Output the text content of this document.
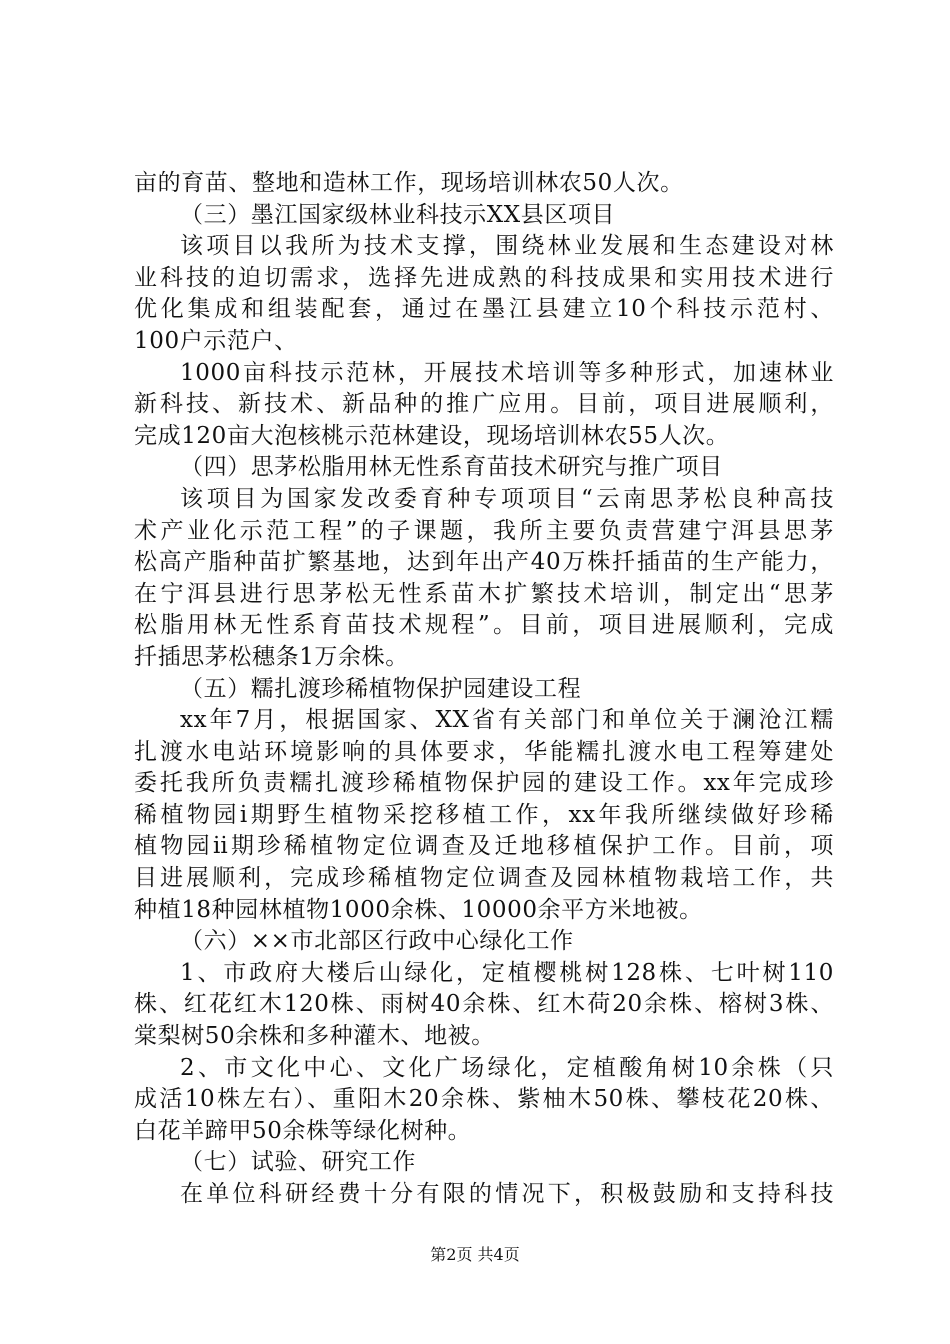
亩的育苗、整地和造林工作，现场培训林农50人次。
（三）墨江国家级林业科技示XX县区项目
该项目以我所为技术支撑，围绕林业发展和生态建设对林
业科技的迫切需求，选择先进成熟的科技成果和实用技术进行
优化集成和组装配套，通过在墨江县建立10个科技示范村、
100户示范户、
1000亩科技示范林，开展技术培训等多种形式，加速林业
新科技、新技术、新品种的推广应用。目前，项目进展顺利，
完成120亩大泡核桃示范林建设，现场培训林农55人次。
（四）思茅松脂用林无性系育苗技术研究与推广项目
该项目为国家发改委育种专项项目“云南思茅松良种高技
术产业化示范工程”的子课题，我所主要负责营建宁洱县思茅
松高产脂种苗扩繁基地，达到年出产40万株扦插苗的生产能力，
在宁洱县进行思茅松无性系苗木扩繁技术培训，制定出“思茅
松脂用林无性系育苗技术规程”。目前，项目进展顺利，完成
扦插思茅松穗条1万余株。
（五）糯扎渡珍稀植物保护园建设工程
xx年7月，根据国家、XX省有关部门和单位关于澜沧江糯
扎渡水电站环境影响的具体要求，华能糯扎渡水电工程筹建处
委托我所负责糯扎渡珍稀植物保护园的建设工作。xx年完成珍
稀植物园ⅰ期野生植物采挖移植工作，xx年我所继续做好珍稀
植物园ⅱ期珍稀植物定位调查及迁地移植保护工作。目前，项
目进展顺利，完成珍稀植物定位调查及园林植物栽培工作，共
种植18种园林植物1000余株、10000余平方米地被。
（六）××市北部区行政中心绿化工作
1、市政府大楼后山绿化，定植樱桃树128株、七叶树110
株、红花红木120株、雨树40余株、红木荷20余株、榕树3株、
棠梨树50余株和多种灌木、地被。
2、市文化中心、文化广场绿化，定植酸角树10余株（只
成活10株左右）、重阳木20余株、紫柚木50株、攀枝花20株、
白花羊蹄甲50余株等绿化树种。
（七）试验、研究工作
在单位科研经费十分有限的情况下，积极鼓励和支持科技
第2页 共4页
